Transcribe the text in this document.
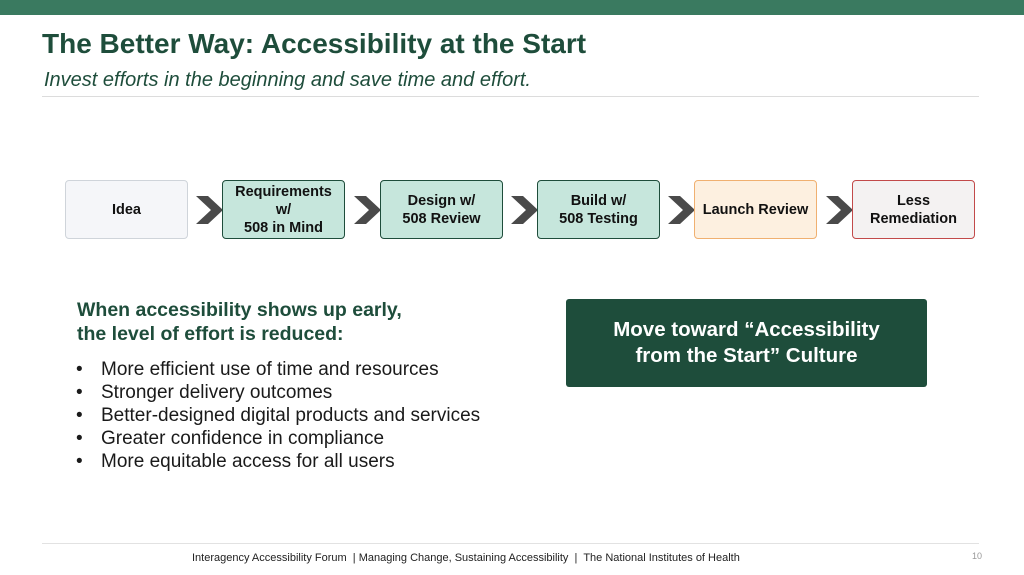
The Better Way: Accessibility at the Start
Invest efforts in the beginning and save time and effort.
Idea
Requirements
w/
508 in Mind
Design w/
508 Review
Build w/
508 Testing
Launch Review
Less
Remediation
When accessibility shows up early,
the level of effort is reduced:
• More efficient use of time and resources
• Stronger delivery outcomes
• Better-designed digital products and services
• Greater confidence in compliance
• More equitable access for all users
Move toward “Accessibility
from the Start” Culture
Interagency Accessibility Forum  | Managing Change, Sustaining Accessibility  |  The National Institutes of Health	10
